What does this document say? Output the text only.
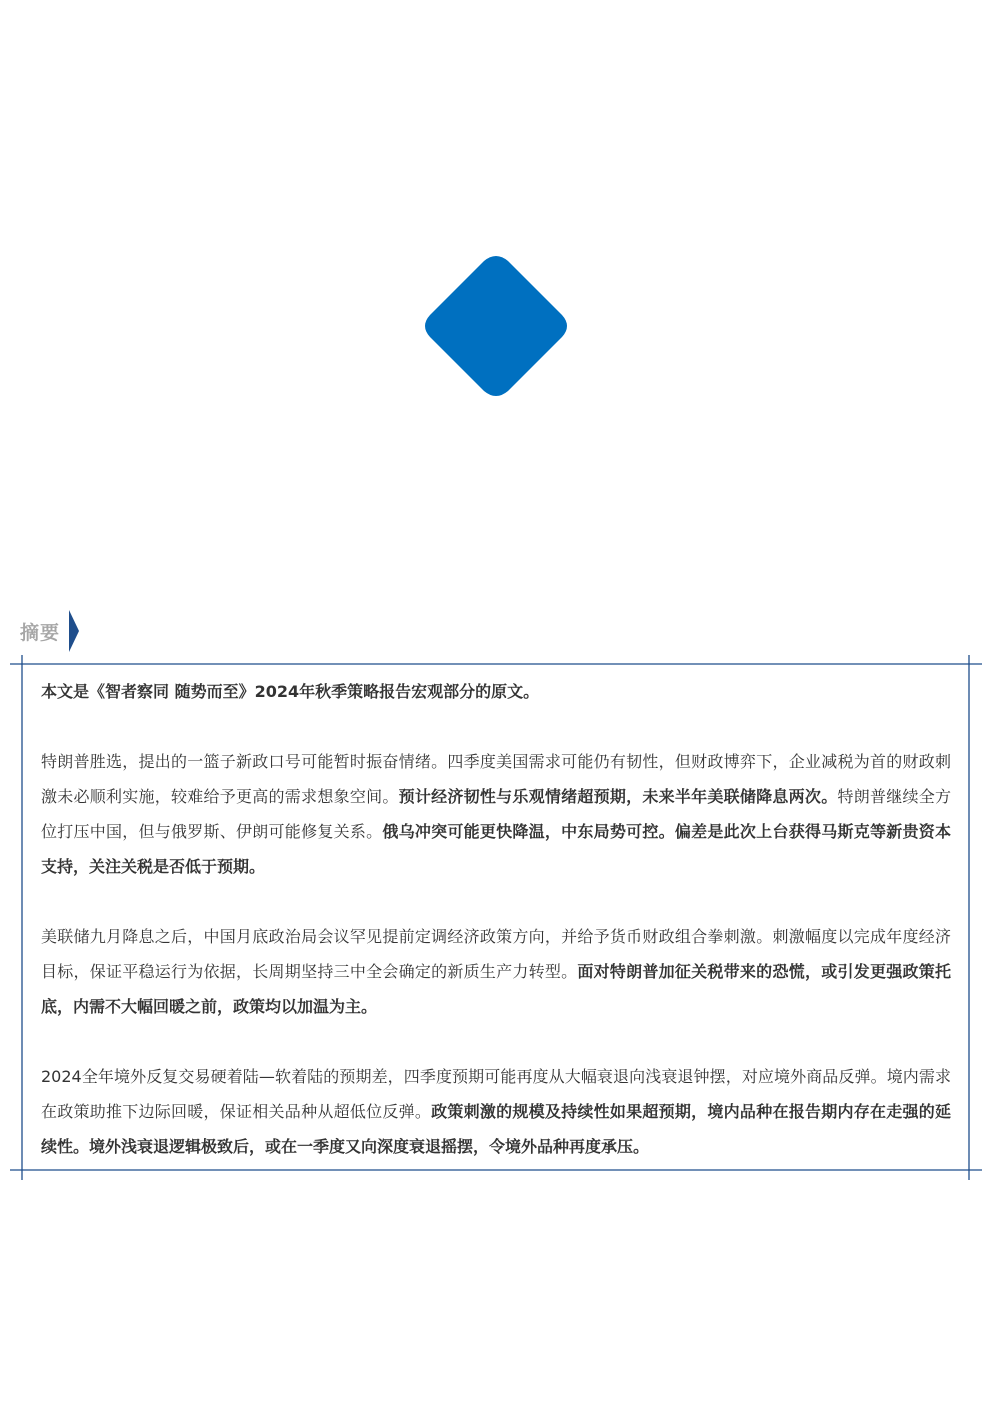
摘要

本文是《智者察同 随势而至》2024年秋季策略报告宏观部分的原文。

特朗普胜选，提出的一篮子新政口号可能暂时振奋情绪。四季度美国需求可能仍有韧性，但财政博弈下，企业减税为首的财政刺激未必顺利实施，较难给予更高的需求想象空间。预计经济韧性与乐观情绪超预期，未来半年美联储降息两次。特朗普继续全方位打压中国，但与俄罗斯、伊朗可能修复关系。俄乌冲突可能更快降温，中东局势可控。偏差是此次上台获得马斯克等新贵资本支持，关注关税是否低于预期。

美联储九月降息之后，中国月底政治局会议罕见提前定调经济政策方向，并给予货币财政组合拳刺激。刺激幅度以完成年度经济目标，保证平稳运行为依据，长周期坚持三中全会确定的新质生产力转型。面对特朗普加征关税带来的恐慌，或引发更强政策托底，内需不大幅回暖之前，政策均以加温为主。

2024全年境外反复交易硬着陆—软着陆的预期差，四季度预期可能再度从大幅衰退向浅衰退钟摆，对应境外商品反弹。境内需求在政策助推下边际回暖，保证相关品种从超低位反弹。政策刺激的规模及持续性如果超预期，境内品种在报告期内存在走强的延续性。境外浅衰退逻辑极致后，或在一季度又向深度衰退摇摆，令境外品种再度承压。
